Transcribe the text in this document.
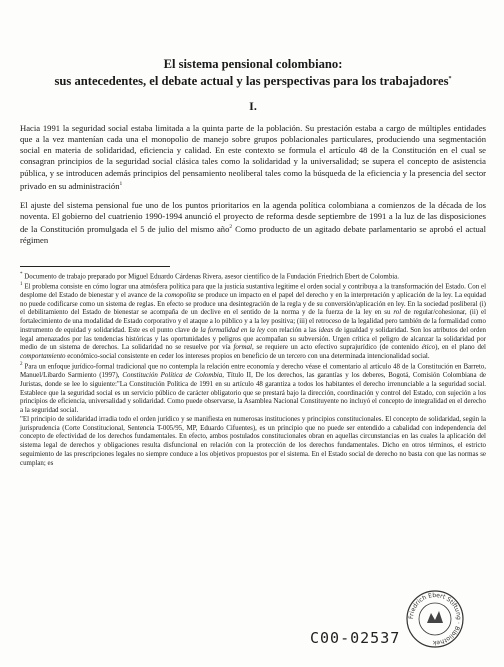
El sistema pensional colombiano:
sus antecedentes, el debate actual y las perspectivas para los trabajadores*
I.

Hacia 1991 la seguridad social estaba limitada a la quinta parte de la población. Su prestación estaba a cargo de múltiples entidades que a la vez mantenían cada una el monopolio de manejo sobre grupos poblacionales particulares, produciendo una segmentación social en materia de solidaridad, eficiencia y calidad. En este contexto se formula el artículo 48 de la Constitución en el cual se consagran principios de la seguridad social clásica tales como la solidaridad y la universalidad; se supera el concepto de asistencia pública, y se introducen además principios del pensamiento neoliberal tales como la búsqueda de la eficiencia y la presencia del sector privado en su administración$^1$

El ajuste del sistema pensional fue uno de los puntos prioritarios en la agenda política colombiana a comienzos de la década de los noventa. El gobierno del cuatrienio 1990-1994 anunció el proyecto de reforma desde septiembre de 1991 a la luz de las disposiciones de la Constitución promulgada el 5 de julio del mismo año$^2$ Como producto de un agitado debate parlamentario se aprobó el actual régimen

* Documento de trabajo preparado por Miguel Eduardo Cárdenas Rivera, asesor científico de la Fundación Friedrich Ebert de Colombia.

$^1$ El problema consiste en cómo lograr una atmósfera política para que la justicia sustantiva legitime el orden social y contribuya a la transformación del Estado. Con el desplome del Estado de bienestar y el avance de la comopolita se produce un impacto en el papel del derecho y en la interpretación y aplicación de la ley. La equidad no puede codificarse como un sistema de reglas. En efecto se produce una desintegración de la regla y de su conversión/aplicación en ley. En la sociedad posliberal (i) el debilitamiento del Estado de bienestar se acompaña de un declive en el sentido de la norma y de la fuerza de la ley en su rol de regular/cohesionar, (ii) el fortalecimiento de una modalidad de Estado corporativo y el ataque a lo público y a la ley positiva; (iii) el retroceso de la legalidad pero también de la formalidad como instrumento de equidad y solidaridad. Este es el punto clave de la formalidad en la ley con relación a las ideas de igualdad y solidaridad. Son los atributos del orden legal amenazados por las tendencias históricas y las oportunidades y peligros que acompañan su subversión. Urgen crítica el peligro de alcanzar la solidaridad por medio de un sistema de derechos. La solidaridad no se resuelve por vía formal, se requiere un acto efectivo suprajurídico (de contenido ético), en el plano del comportamiento económico-social consistente en ceder los intereses propios en beneficio de un tercero con una determinada intencionalidad social.

$^2$ Para un enfoque jurídico-formal tradicional que no contempla la relación entre economía y derecho véase el comentario al artículo 48 de la Constitución en Barreto, Manuel/Libardo Sarmiento (1997), Constitución Política de Colombia, Título II, De los derechos, las garantías y los deberes, Bogotá, Comisión Colombiana de Juristas, donde se lee lo siguiente:"La Constitución Política de 1991 en su artículo 48 garantiza a todos los habitantes el derecho irrenunciable a la seguridad social. Establece que la seguridad social es un servicio público de carácter obligatorio que se prestará bajo la dirección, coordinación y control del Estado, con sujeción a los principios de eficiencia, universalidad y solidaridad. Como puede observarse, la Asamblea Nacional Constituyente no incluyó el concepto de integralidad en el derecho a la seguridad social.

"El principio de solidaridad irradia todo el orden jurídico y se manifiesta en numerosas instituciones y principios constitucionales. El concepto de solidaridad, según la jurisprudencia (Corte Constitucional, Sentencia T-005/95, MP, Eduardo Cifuentes), es un principio que no puede ser entendido a cabalidad con independencia del concepto de efectividad de los derechos fundamentales. En efecto, ambos postulados constitucionales obran en aquellas circunstancias en las cuales la aplicación del sistema legal de derechos y obligaciones resulta disfuncional en relación con la protección de los derechos fundamentales. Dicho en otros términos, el estricto seguimiento de las prescripciones legales no siempre conduce a los objetivos propuestos por el sistema. En el Estado social de derecho no basta con que las normas se cumplan; es

C00-02537
Friedrich Ebert Stiftung · Bibliothek
